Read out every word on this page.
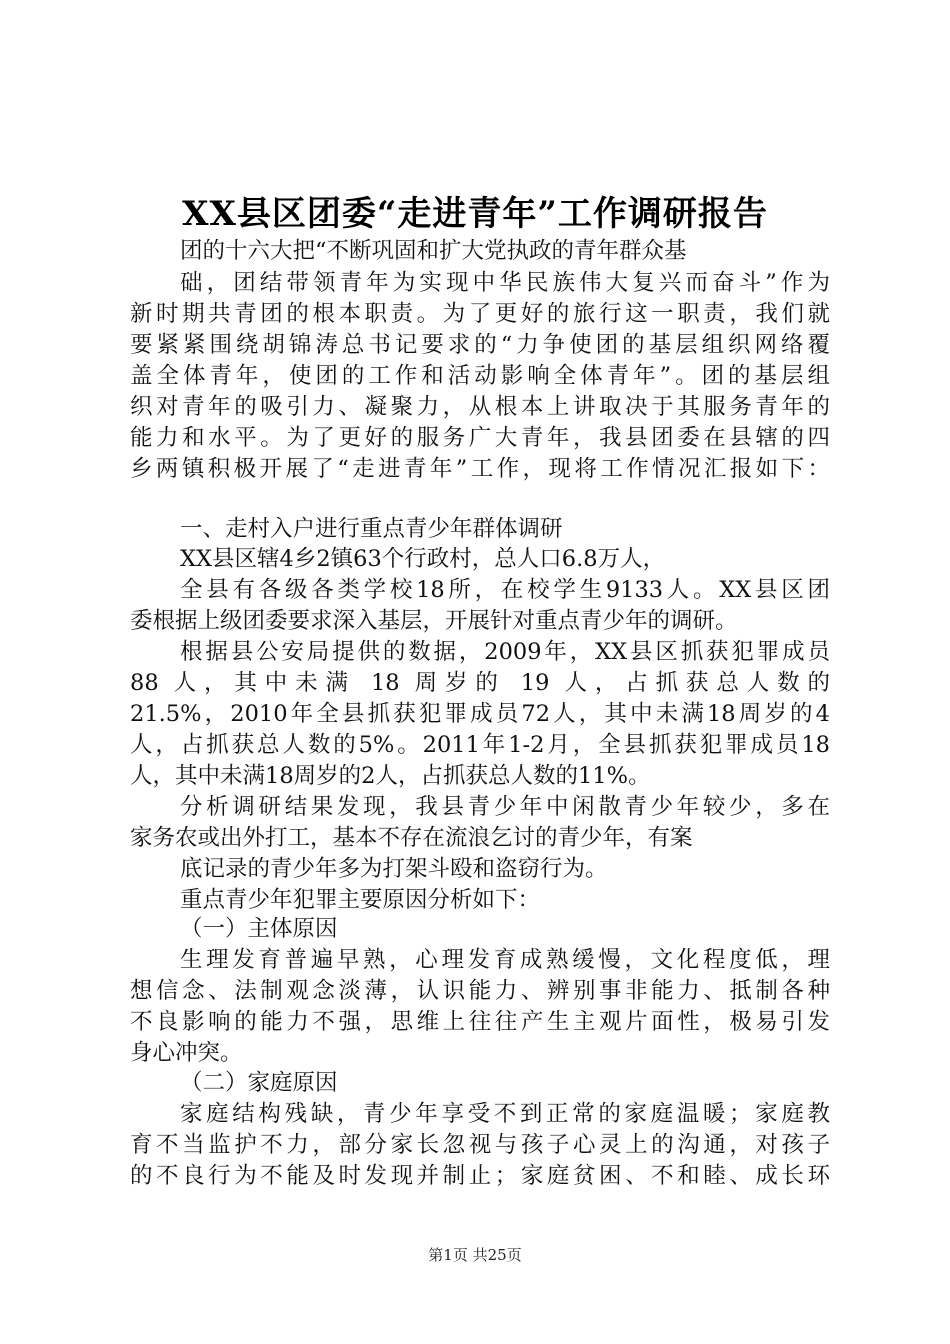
XX县区团委“走进青年”工作调研报告
团的十六大把“不断巩固和扩大党执政的青年群众基
础，团结带领青年为实现中华民族伟大复兴而奋斗”作为
新时期共青团的根本职责。为了更好的旅行这一职责，我们就
要紧紧围绕胡锦涛总书记要求的“力争使团的基层组织网络覆
盖全体青年，使团的工作和活动影响全体青年”。团的基层组
织对青年的吸引力、凝聚力，从根本上讲取决于其服务青年的
能力和水平。为了更好的服务广大青年，我县团委在县辖的四
乡两镇积极开展了“走进青年”工作，现将工作情况汇报如下：
一、走村入户进行重点青少年群体调研
XX县区辖4乡2镇63个行政村，总人口6.8万人，
全县有各级各类学校18所，在校学生9133人。XX县区团
委根据上级团委要求深入基层，开展针对重点青少年的调研。
根据县公安局提供的数据，2009年，XX县区抓获犯罪成员
88 人，其中未满 18 周岁的 19 人，占抓获总人数的
21.5%，2010年全县抓获犯罪成员72人，其中未满18周岁的4
人，占抓获总人数的5%。2011年1-2月，全县抓获犯罪成员18
人，其中未满18周岁的2人，占抓获总人数的11%。
分析调研结果发现，我县青少年中闲散青少年较少，多在
家务农或出外打工，基本不存在流浪乞讨的青少年，有案
底记录的青少年多为打架斗殴和盗窃行为。
重点青少年犯罪主要原因分析如下：
（一）主体原因
生理发育普遍早熟，心理发育成熟缓慢，文化程度低，理
想信念、法制观念淡薄，认识能力、辨别事非能力、抵制各种
不良影响的能力不强，思维上往往产生主观片面性，极易引发
身心冲突。
（二）家庭原因
家庭结构残缺，青少年享受不到正常的家庭温暖；家庭教
育不当监护不力，部分家长忽视与孩子心灵上的沟通，对孩子
的不良行为不能及时发现并制止；家庭贫困、不和睦、成长环
第1页 共25页
